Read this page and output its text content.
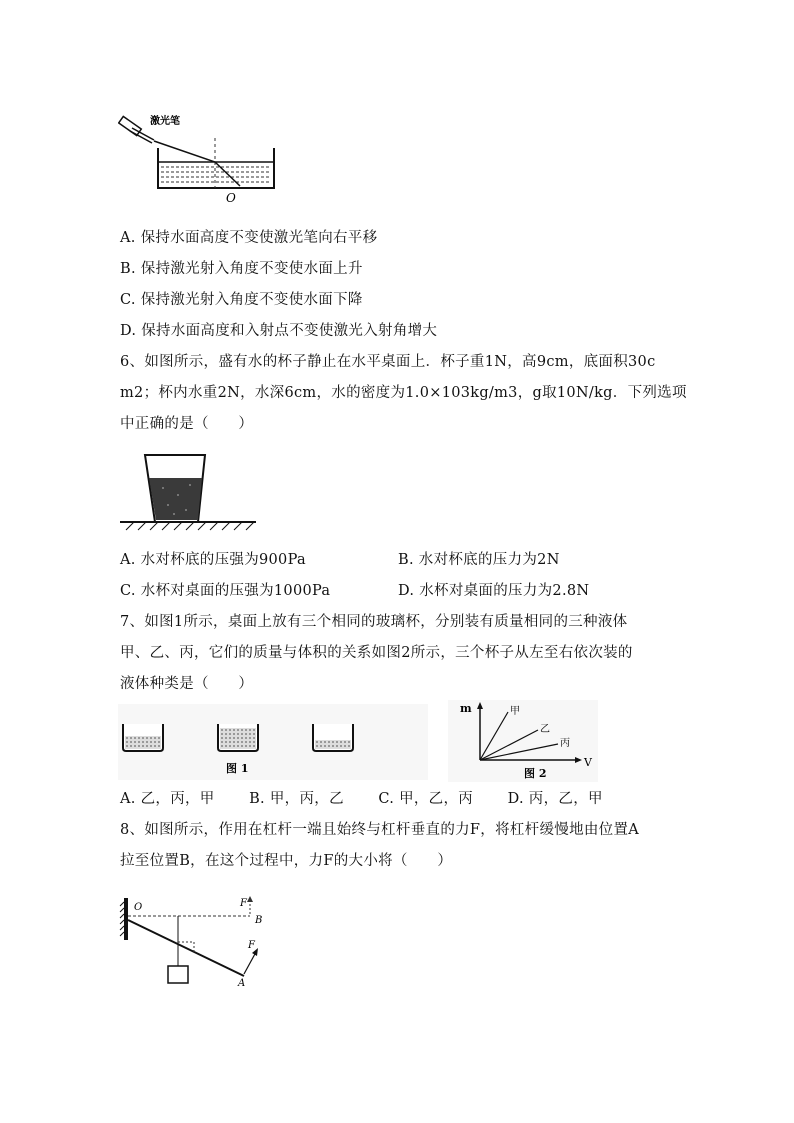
激光笔
O
A. 保持水面高度不变使激光笔向右平移
B. 保持激光射入角度不变使水面上升
C. 保持激光射入角度不变使水面下降
D. 保持水面高度和入射点不变使激光入射角增大
6、如图所示，盛有水的杯子静止在水平桌面上．杯子重1N，高9cm，底面积30c
m2；杯内水重2N，水深6cm，水的密度为1.0×103kg/m3，g取10N/kg．下列选项
中正确的是（　　）
A. 水对杯底的压强为900Pa	B. 水对杯底的压力为2N
C. 水杯对桌面的压强为1000Pa	D. 水杯对桌面的压力为2.8N
7、如图1所示，桌面上放有三个相同的玻璃杯，分别装有质量相同的三种液体
甲、乙、丙，它们的质量与体积的关系如图2所示，三个杯子从左至右依次装的
液体种类是（　　）
图 1
m
V
甲
乙
丙
图 2
A. 乙，丙，甲　　 B. 甲，丙，乙　　 C. 甲，乙，丙　　 D. 丙，乙，甲
8、如图所示，作用在杠杆一端且始终与杠杆垂直的力F，将杠杆缓慢地由位置A
拉至位置B，在这个过程中，力F的大小将（　　）
O	F
B
F
A
